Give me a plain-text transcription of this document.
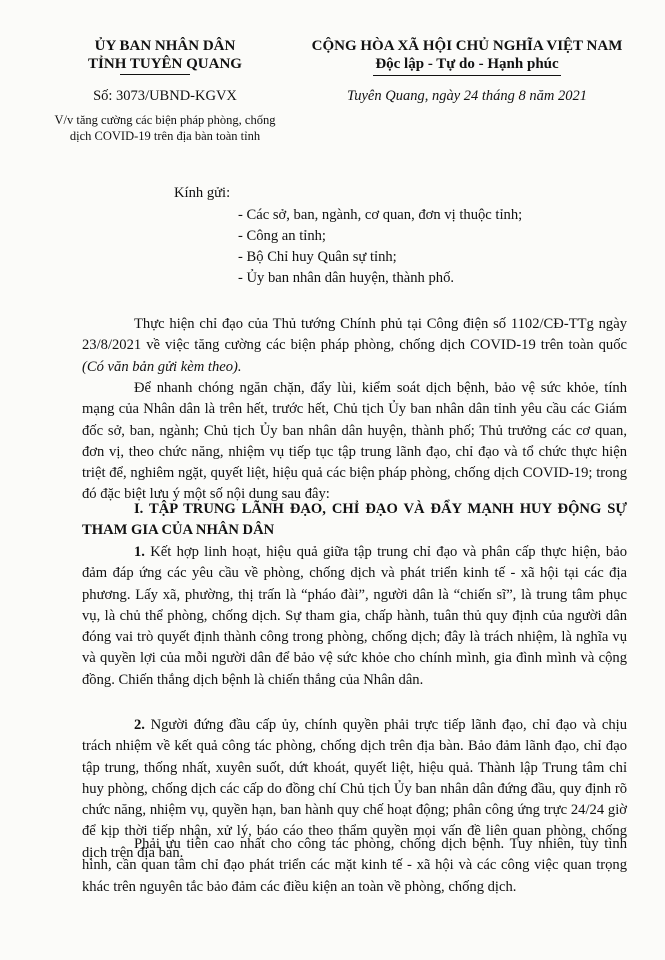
ỦY BAN NHÂN DÂN
TỈNH TUYÊN QUANG
CỘNG HÒA XÃ HỘI CHỦ NGHĨA VIỆT NAM
Độc lập - Tự do - Hạnh phúc
Số: 3073/UBND-KGVX	Tuyên Quang, ngày 24 tháng 8 năm 2021
V/v tăng cường các biện pháp phòng, chống
dịch COVID-19 trên địa bàn toàn tỉnh
Kính gửi:
- Các sở, ban, ngành, cơ quan, đơn vị thuộc tỉnh;
- Công an tỉnh;
- Bộ Chỉ huy Quân sự tỉnh;
- Ủy ban nhân dân huyện, thành phố.

Thực hiện chỉ đạo của Thủ tướng Chính phủ tại Công điện số 1102/CĐ-TTg ngày 23/8/2021 về việc tăng cường các biện pháp phòng, chống dịch COVID-19 trên toàn quốc (Có văn bản gửi kèm theo).

Để nhanh chóng ngăn chặn, đẩy lùi, kiểm soát dịch bệnh, bảo vệ sức khỏe, tính mạng của Nhân dân là trên hết, trước hết, Chủ tịch Ủy ban nhân dân tỉnh yêu cầu các Giám đốc sở, ban, ngành; Chủ tịch Ủy ban nhân dân huyện, thành phố; Thủ trưởng các cơ quan, đơn vị, theo chức năng, nhiệm vụ tiếp tục tập trung lãnh đạo, chỉ đạo và tổ chức thực hiện triệt để, nghiêm ngặt, quyết liệt, hiệu quả các biện pháp phòng, chống dịch COVID-19; trong đó đặc biệt lưu ý một số nội dung sau đây:

I. TẬP TRUNG LÃNH ĐẠO, CHỈ ĐẠO VÀ ĐẨY MẠNH HUY ĐỘNG SỰ THAM GIA CỦA NHÂN DÂN

1. Kết hợp linh hoạt, hiệu quả giữa tập trung chỉ đạo và phân cấp thực hiện, bảo đảm đáp ứng các yêu cầu về phòng, chống dịch và phát triển kinh tế - xã hội tại các địa phương. Lấy xã, phường, thị trấn là “pháo đài”, người dân là “chiến sĩ”, là trung tâm phục vụ, là chủ thể phòng, chống dịch. Sự tham gia, chấp hành, tuân thủ quy định của người dân đóng vai trò quyết định thành công trong phòng, chống dịch; đây là trách nhiệm, là nghĩa vụ và quyền lợi của mỗi người dân để bảo vệ sức khỏe cho chính mình, gia đình mình và cộng đồng. Chiến thắng dịch bệnh là chiến thắng của Nhân dân.

2. Người đứng đầu cấp ủy, chính quyền phải trực tiếp lãnh đạo, chỉ đạo và chịu trách nhiệm về kết quả công tác phòng, chống dịch trên địa bàn. Bảo đảm lãnh đạo, chỉ đạo tập trung, thống nhất, xuyên suốt, dứt khoát, quyết liệt, hiệu quả. Thành lập Trung tâm chỉ huy phòng, chống dịch các cấp do đồng chí Chủ tịch Ủy ban nhân dân đứng đầu, quy định rõ chức năng, nhiệm vụ, quyền hạn, ban hành quy chế hoạt động; phân công ứng trực 24/24 giờ để kịp thời tiếp nhận, xử lý, báo cáo theo thẩm quyền mọi vấn đề liên quan phòng, chống dịch trên địa bàn.

Phải ưu tiên cao nhất cho công tác phòng, chống dịch bệnh. Tuy nhiên, tùy tình hình, cần quan tâm chỉ đạo phát triển các mặt kinh tế - xã hội và các công việc quan trọng khác trên nguyên tắc bảo đảm các điều kiện an toàn về phòng, chống dịch.
